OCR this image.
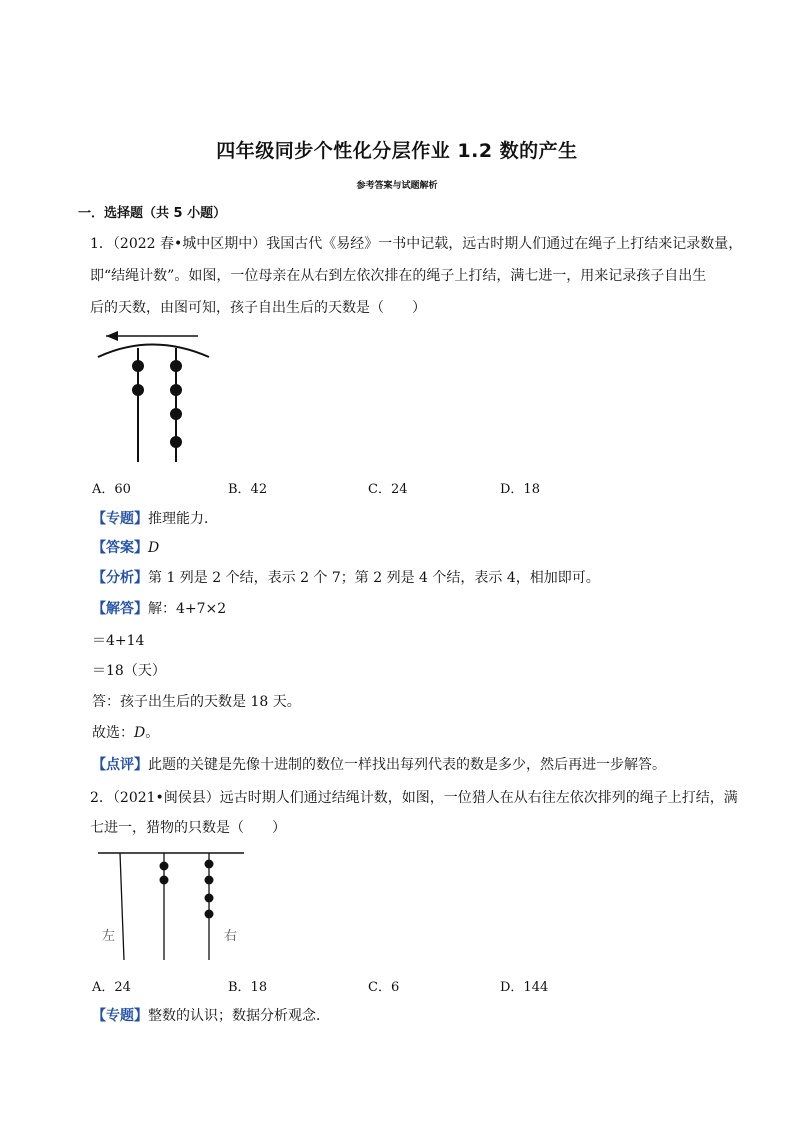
四年级同步个性化分层作业 1.2 数的产生
参考答案与试题解析
一．选择题（共 5 小题）
1．（2022 春•城中区期中）我国古代《易经》一书中记载，远古时期人们通过在绳子上打结来记录数量，
即“结绳计数”。如图，一位母亲在从右到左依次排在的绳子上打结，满七进一，用来记录孩子自出生
后的天数，由图可知，孩子自出生后的天数是（　　）
A．60	B．42	C．24	D．18
【专题】推理能力．
【答案】D
【分析】第 1 列是 2 个结，表示 2 个 7；第 2 列是 4 个结，表示 4，相加即可。
【解答】解：4+7×2
＝4+14
＝18（天）
答：孩子出生后的天数是 18 天。
故选：D。
【点评】此题的关键是先像十进制的数位一样找出每列代表的数是多少，然后再进一步解答。
2．（2021•闽侯县）远古时期人们通过结绳计数，如图，一位猎人在从右往左依次排列的绳子上打结，满
七进一，猎物的只数是（　　）
左	右
A．24	B．18	C．6	D．144
【专题】整数的认识；数据分析观念．
